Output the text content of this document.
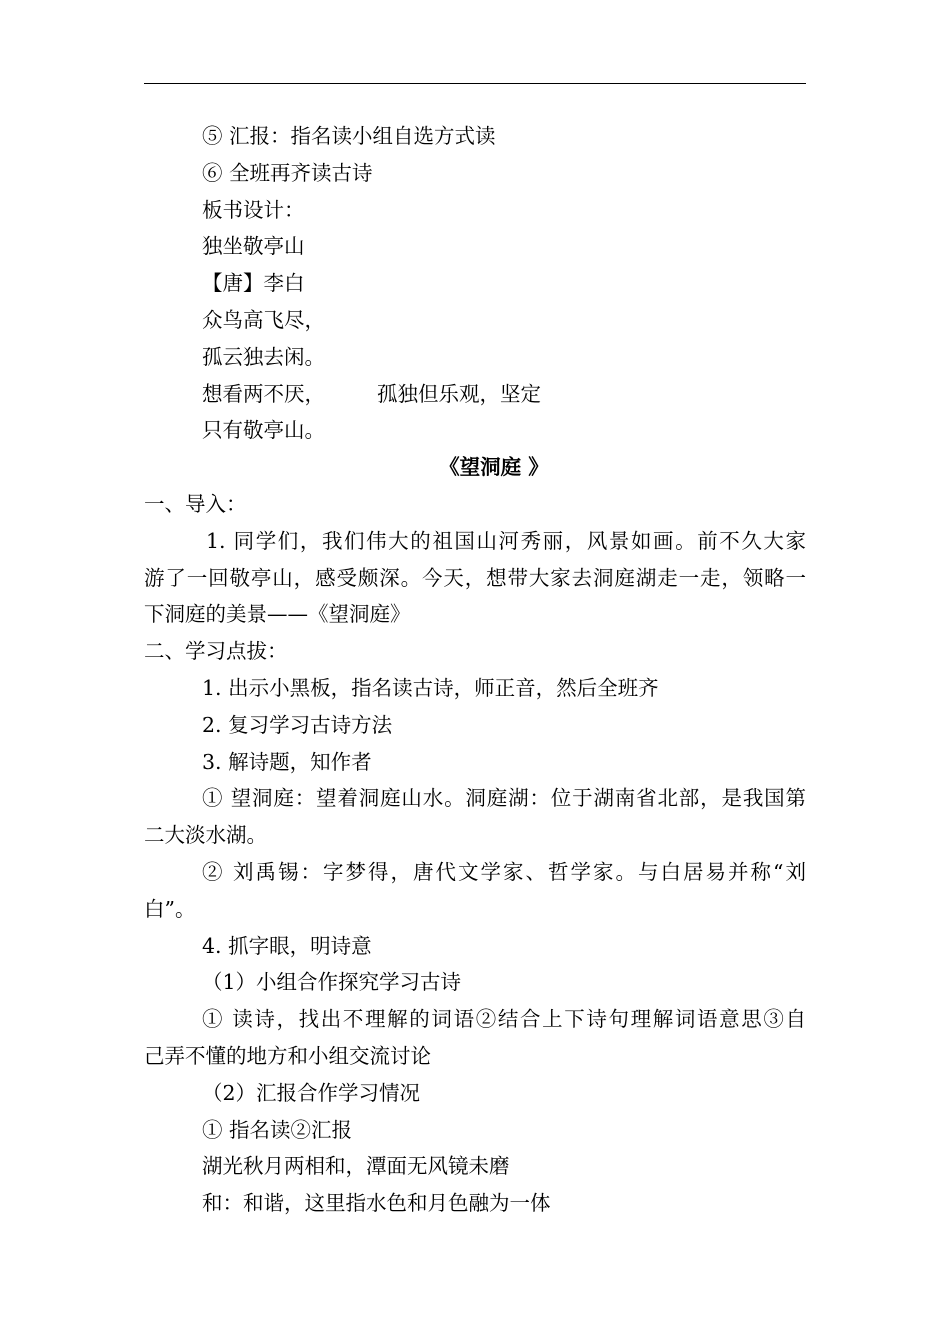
⑤ 汇报：指名读小组自选方式读
⑥ 全班再齐读古诗
板书设计：
独坐敬亭山
【唐】李白
众鸟高飞尽，
孤云独去闲。
想看两不厌，	孤独但乐观，坚定
只有敬亭山。
《望洞庭 》
一、导入：
1. 同学们，我们伟大的祖国山河秀丽，风景如画。前不久大家
游了一回敬亭山，感受颇深。今天，想带大家去洞庭湖走一走，领略一
下洞庭的美景——《望洞庭》
二、学习点拔：
1. 出示小黑板，指名读古诗，师正音，然后全班齐
2. 复习学习古诗方法
3. 解诗题，知作者
① 望洞庭：望着洞庭山水。洞庭湖：位于湖南省北部，是我国第
二大淡水湖。
② 刘禹锡：字梦得，唐代文学家、哲学家。与白居易并称“刘
白”。
4. 抓字眼，明诗意
（1）小组合作探究学习古诗
① 读诗，找出不理解的词语②结合上下诗句理解词语意思③自
己弄不懂的地方和小组交流讨论
（2）汇报合作学习情况
① 指名读②汇报
湖光秋月两相和，潭面无风镜未磨
和：和谐，这里指水色和月色融为一体
